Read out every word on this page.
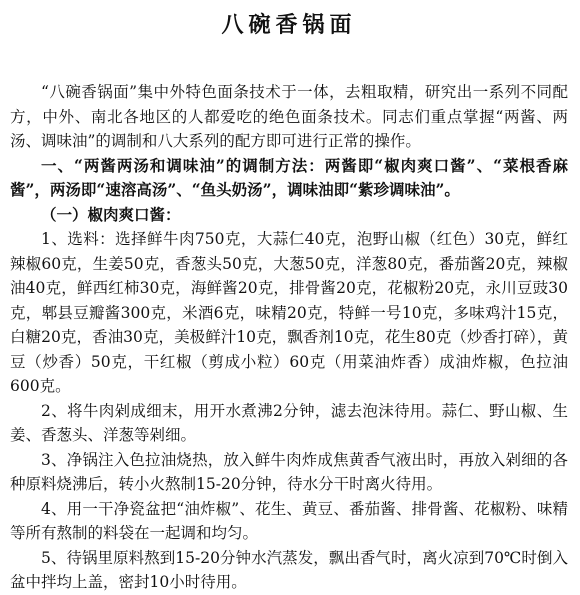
八碗香锅面

“八碗香锅面”集中外特色面条技术于一体，去粗取精，研究出一系列不同配方，中外、南北各地区的人都爱吃的绝色面条技术。同志们重点掌握“两酱、两汤、调味油”的调制和八大系列的配方即可进行正常的操作。

一、“两酱两汤和调味油”的调制方法：两酱即“椒肉爽口酱”、“菜根香麻酱”，两汤即“速溶高汤”、“鱼头奶汤”，调味油即“紫珍调味油”。

（一）椒肉爽口酱：

1、选料：选择鲜牛肉750克，大蒜仁40克，泡野山椒（红色）30克，鲜红辣椒60克，生姜50克，香葱头50克，大葱50克，洋葱80克，番茄酱20克，辣椒油40克，鲜西红柿30克，海鲜酱20克，排骨酱20克，花椒粉20克，永川豆豉30克，郫县豆瓣酱300克，米酒6克，味精20克，特鲜一号10克，多味鸡汁15克，白糖20克，香油30克，美极鲜汁10克，飘香剂10克，花生80克（炒香打碎），黄豆（炒香）50克，干红椒（剪成小粒）60克（用菜油炸香）成油炸椒，色拉油600克。

2、将牛肉剁成细末，用开水煮沸2分钟，滤去泡沫待用。蒜仁、野山椒、生姜、香葱头、洋葱等剁细。

3、净锅注入色拉油烧热，放入鲜牛肉炸成焦黄香气液出时，再放入剁细的各种原料烧沸后，转小火熬制15-20分钟，待水分干时离火待用。

4、用一干净瓷盆把“油炸椒”、花生、黄豆、番茄酱、排骨酱、花椒粉、味精等所有熬制的料袋在一起调和均匀。

5、待锅里原料熬到15-20分钟水汽蒸发，飘出香气时，离火凉到70℃时倒入盆中拌均上盖，密封10小时待用。
